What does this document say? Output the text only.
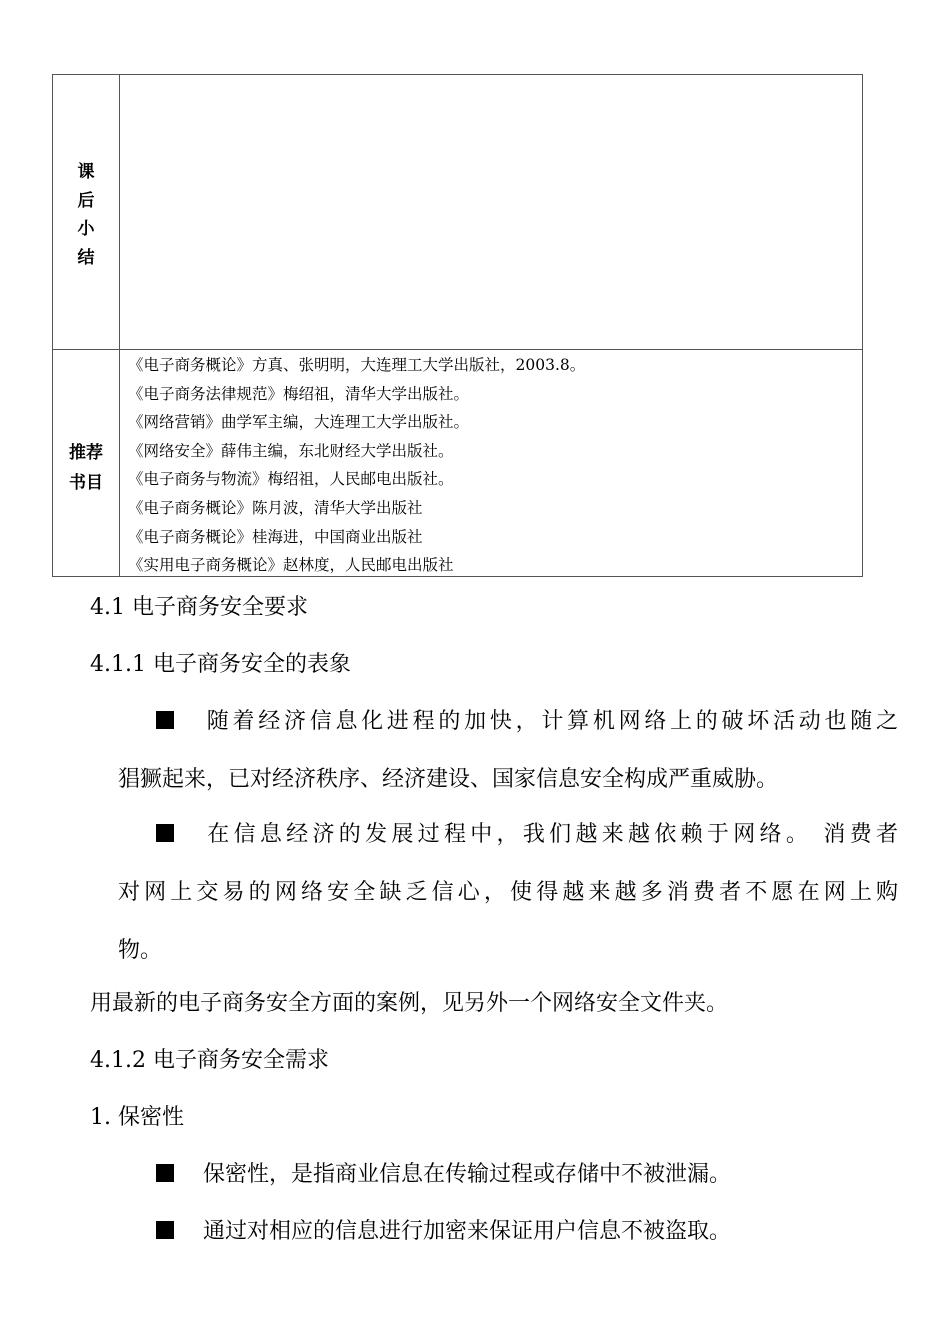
课
后
小
结
推荐
书目
《电子商务概论》方真、张明明，大连理工大学出版社，2003.8。
《电子商务法律规范》梅绍祖，清华大学出版社。
《网络营销》曲学军主编，大连理工大学出版社。
《网络安全》薛伟主编，东北财经大学出版社。
《电子商务与物流》梅绍祖，人民邮电出版社。
《电子商务概论》陈月波，清华大学出版社
《电子商务概论》桂海进，中国商业出版社
《实用电子商务概论》赵林度，人民邮电出版社
4.1 电子商务安全要求
4.1.1 电子商务安全的表象
随着经济信息化进程的加快，计算机网络上的破坏活动也随之
猖獗起来，已对经济秩序、经济建设、国家信息安全构成严重威胁。
在信息经济的发展过程中，我们越来越依赖于网络。 消费者
对网上交易的网络安全缺乏信心，使得越来越多消费者不愿在网上购
物。
用最新的电子商务安全方面的案例，见另外一个网络安全文件夹。
4.1.2 电子商务安全需求
1. 保密性
保密性，是指商业信息在传输过程或存储中不被泄漏。
通过对相应的信息进行加密来保证用户信息不被盗取。
